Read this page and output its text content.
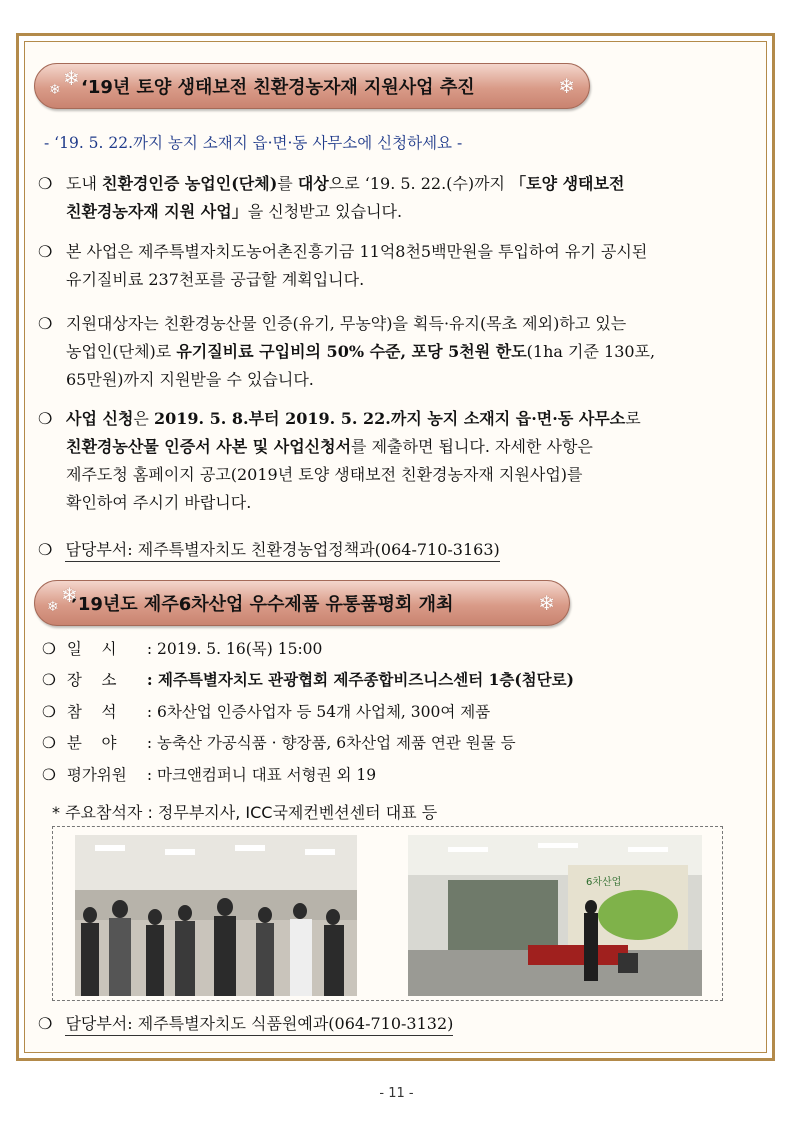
❄
❄ ‘19년 토양 생태보전 친환경농자재 지원사업 추진	❄
- ‘19. 5. 22.까지 농지 소재지 읍·면·동 사무소에 신청하세요 -
❍ 도내 친환경인증 농업인(단체)를 대상으로 ‘19. 5. 22.(수)까지 「토양 생태보전
친환경농자재 지원 사업」을 신청받고 있습니다.
❍ 본 사업은 제주특별자치도농어촌진흥기금 11억8천5백만원을 투입하여 유기 공시된
유기질비료 237천포를 공급할 계획입니다.
❍ 지원대상자는 친환경농산물 인증(유기, 무농약)을 획득·유지(목초 제외)하고 있는
농업인(단체)로 유기질비료 구입비의 50% 수준, 포당 5천원 한도(1ha 기준 130포,
65만원)까지 지원받을 수 있습니다.
❍ 사업 신청은 2019. 5. 8.부터 2019. 5. 22.까지 농지 소재지 읍·면·동 사무소로
친환경농산물 인증서 사본 및 사업신청서를 제출하면 됩니다. 자세한 사항은
제주도청 홈페이지 공고(2019년 토양 생태보전 친환경농자재 지원사업)를
확인하여 주시기 바랍니다.
❍ 담당부서: 제주특별자치도 친환경농업정책과(064-710-3163)
❄
❄ ’19년도 제주6차산업 우수제품 유통품평회 개최	❄
❍ 일    시 : 2019. 5. 16(목) 15:00
❍ 장    소 : 제주특별자치도 관광협회 제주종합비즈니스센터 1층(첨단로)
❍ 참    석 : 6차산업 인증사업자 등 54개 사업체, 300여 제품
❍ 분    야 : 농축산 가공식품 · 향장품, 6차산업 제품 연관 원물 등
❍ 평가위원 : 마크앤컴퍼니 대표 서형권 외 19
* 주요참석자 : 정무부지사, ICC국제컨벤션센터 대표 등
6차산업
❍ 담당부서: 제주특별자치도 식품원예과(064-710-3132)
- 11 -
